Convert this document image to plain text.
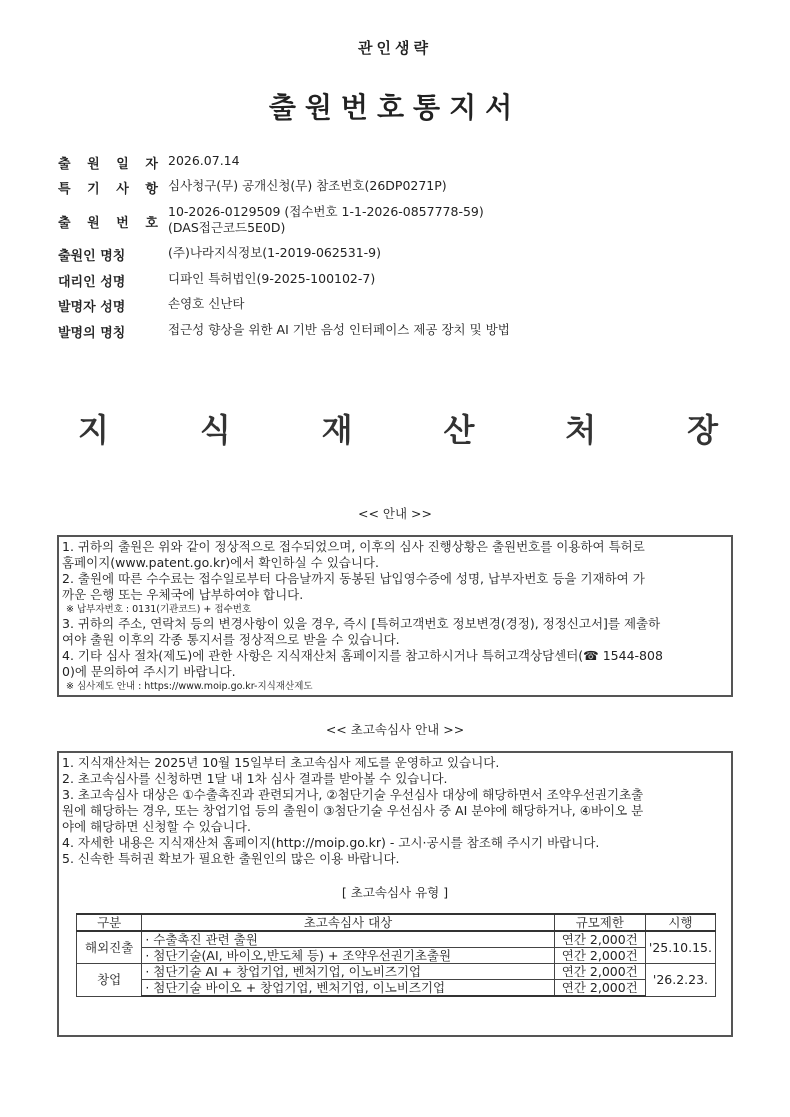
관인생략
출원번호통지서
출 원 일 자 2026.07.14
특 기 사 항 심사청구(무) 공개신청(무) 참조번호(26DP0271P)
출 원 번 호
10-2026-0129509 (접수번호 1-1-2026-0857778-59)
(DAS접근코드5E0D)
출원인 명칭	(주)나라지식정보(1-2019-062531-9)
대리인 성명	디파인 특허법인(9-2025-100102-7)
발명자 성명	손영호 신난타
발명의 명칭	접근성 향상을 위한 AI 기반 음성 인터페이스 제공 장치 및 방법
지	식	재	산	처	장
<< 안내 >>

1. 귀하의 출원은 위와 같이 정상적으로 접수되었으며, 이후의 심사 진행상황은 출원번호를 이용하여 특허로

홈페이지(www.patent.go.kr)에서 확인하실 수 있습니다.

2. 출원에 따른 수수료는 접수일로부터 다음날까지 동봉된 납입영수증에 성명, 납부자번호 등을 기재하여 가

까운 은행 또는 우체국에 납부하여야 합니다.

※ 납부자번호 : 0131(기관코드) + 접수번호

3. 귀하의 주소, 연락처 등의 변경사항이 있을 경우, 즉시 [특허고객번호 정보변경(경정), 정정신고서]를 제출하

여야 출원 이후의 각종 통지서를 정상적으로 받을 수 있습니다.

4. 기타 심사 절차(제도)에 관한 사항은 지식재산처 홈페이지를 참고하시거나 특허고객상담센터(☎ 1544-808

0)에 문의하여 주시기 바랍니다.

※ 심사제도 안내 : https://www.moip.go.kr-지식재산제도

<< 초고속심사 안내 >>

1. 지식재산처는 2025년 10월 15일부터 초고속심사 제도를 운영하고 있습니다.

2. 초고속심사를 신청하면 1달 내 1차 심사 결과를 받아볼 수 있습니다.

3. 초고속심사 대상은 ①수출촉진과 관련되거나, ②첨단기술 우선심사 대상에 해당하면서 조약우선권기초출

원에 해당하는 경우, 또는 창업기업 등의 출원이 ③첨단기술 우선심사 중 AI 분야에 해당하거나, ④바이오 분

야에 해당하면 신청할 수 있습니다.

4. 자세한 내용은 지식재산처 홈페이지(http://moip.go.kr) - 고시·공시를 참조해 주시기 바랍니다.

5. 신속한 특허권 확보가 필요한 출원인의 많은 이용 바랍니다.

[ 초고속심사 유형 ]
구분	초고속심사 대상	규모제한	시행
해외진출	· 수출촉진 관련 출원	연간 2,000건	'25.10.15.
	· 첨단기술(AI, 바이오,반도체 등) + 조약우선권기초출원	연간 2,000건	
창업	· 첨단기술 AI + 창업기업, 벤처기업, 이노비즈기업	연간 2,000건	'26.2.23.
	· 첨단기술 바이오 + 창업기업, 벤처기업, 이노비즈기업	연간 2,000건	
